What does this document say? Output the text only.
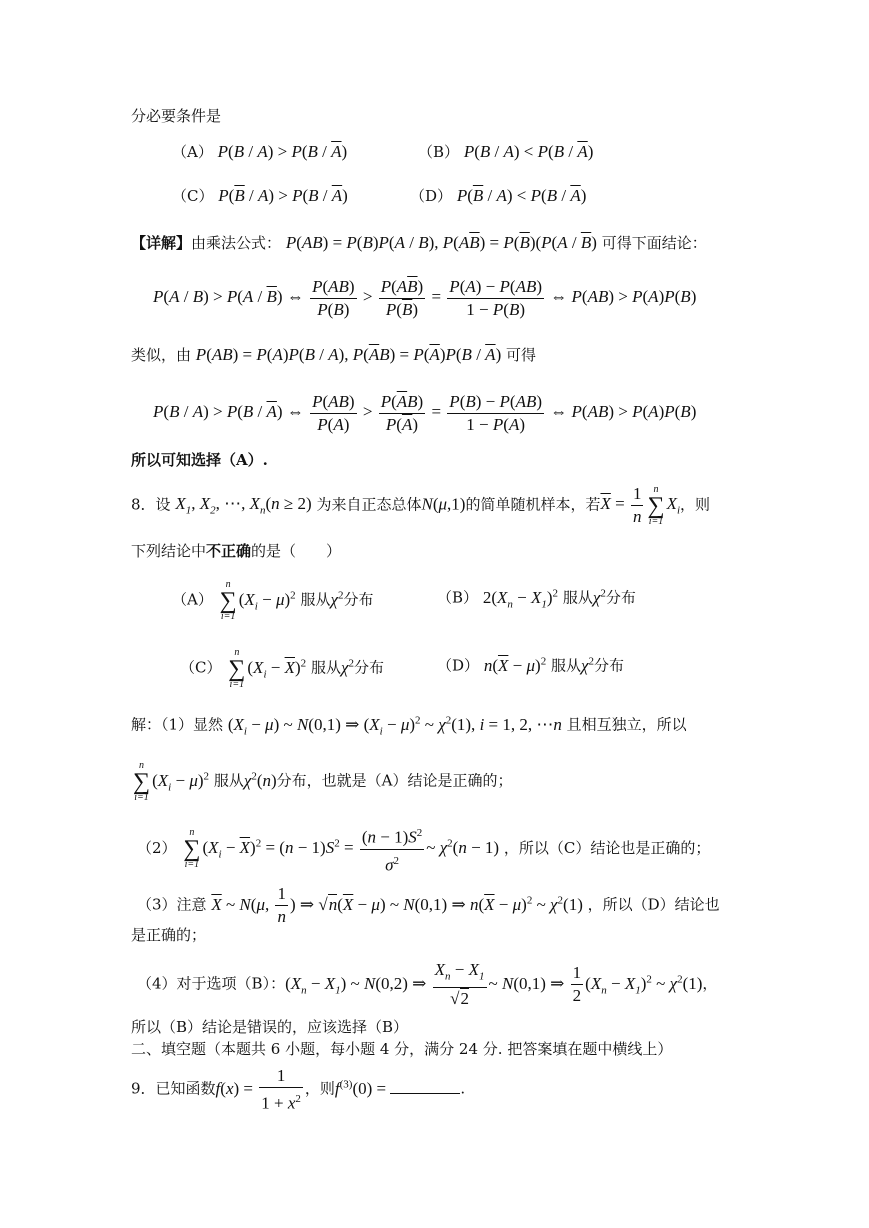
分必要条件是
（A） $P(B / A) > P(B / \overline{A})$	（B） $P(B / A) < P(B / \overline{A})$
（C） $P(\overline{B} / A) > P(B / \overline{A})$	（D） $P(\overline{B} / A) < P(B / \overline{A})$
【详解】由乘法公式： P(AB) = P(B)P(A / B), $P(A\overline{B}) = P(\overline{B})(P(A / \overline{B})$ 可得下面结论：
$P(A / B) > P(A / \overline{B})$ ⇔ $\frac{P(AB)}{P(B)} > \frac{P(A\overline{B})}{P(\overline{B})} = \frac{P(A) - P(AB)}{1 - P(B)}$ ⇔ P(AB) > P(A)P(B)
类似，由 P(AB) = P(A)P(B / A), $P(\overline{A}B) = P(\overline{A})P(B / \overline{A})$ 可得
$P(B / A) > P(B / \overline{A})$ ⇔ $\frac{P(AB)}{P(A)} > \frac{P(\overline{A}B)}{P(\overline{A})} = \frac{P(B) - P(AB)}{1 - P(A)}$ ⇔ P(AB) > P(A)P(B)
所以可知选择（A）.
8．设 $X_1$, $X_2$, ⋯, $X_n(n \ge 2)$ 为来自正态总体N(μ,1)的简单随机样本，若$\overline{X} = \frac{1}{n}$	n
∑
i=1
$X_i$，则
下列结论中不正确的是（　　）
（A）
n
∑
i=1
$(X_i - \mu)^2$ 服从$\chi^2$分布	（B） $2(X_n - X_1)^2$ 服从$\chi^2$分布
（C）
n
∑
i=1
$(X_i - \overline{X})^2$ 服从$\chi^2$分布	（D） $n(\overline{X} - \mu)^2$ 服从$\chi^2$分布
解：（1）显然 $(X_i - \mu)$ ~ N(0,1) ⇒ $(X_i - \mu)^2$ ~ $\chi^2(1)$, i = 1, 2, ⋯n 且相互独立，所以
n
∑
i=1
$(X_i - \mu)^2$ 服从$\chi^2(n)$分布，也就是（A）结论是正确的；
（2）
n
∑
i=1
$(X_i - \overline{X})^2 = (n - 1)S^2 = \frac{(n - 1)S^2}{\sigma^2}$ ~ $\chi^2(n - 1)$ ，所以（C）结论也是正确的；
（3）注意 $\overline{X}$ ~ N(μ, $\frac{1}{n}$ ) ⇒ $√n(\overline{X} - \mu)$ ~ N(0,1) ⇒ $n(\overline{X} - \mu)^2$ ~ $\chi^2(1)$ ，所以（D）结论也
是正确的；
（4）对于选项（B）：$(X_n - X_1)$ ~ N(0,2) ⇒ $\frac{X_n - X_1}{√2}$ ~ N(0,1) ⇒ $\frac{1}{2} (X_n - X_1)^2$ ~ $\chi^2(1)$，
所以（B）结论是错误的，应该选择（B）
二、填空题（本题共 6 小题，每小题 4 分，满分 24 分. 把答案填在题中横线上）
9．已知函数$f(x) = \frac{1}{1 + x^2}$ ，则$f^{(3)}(0)$ =	.
